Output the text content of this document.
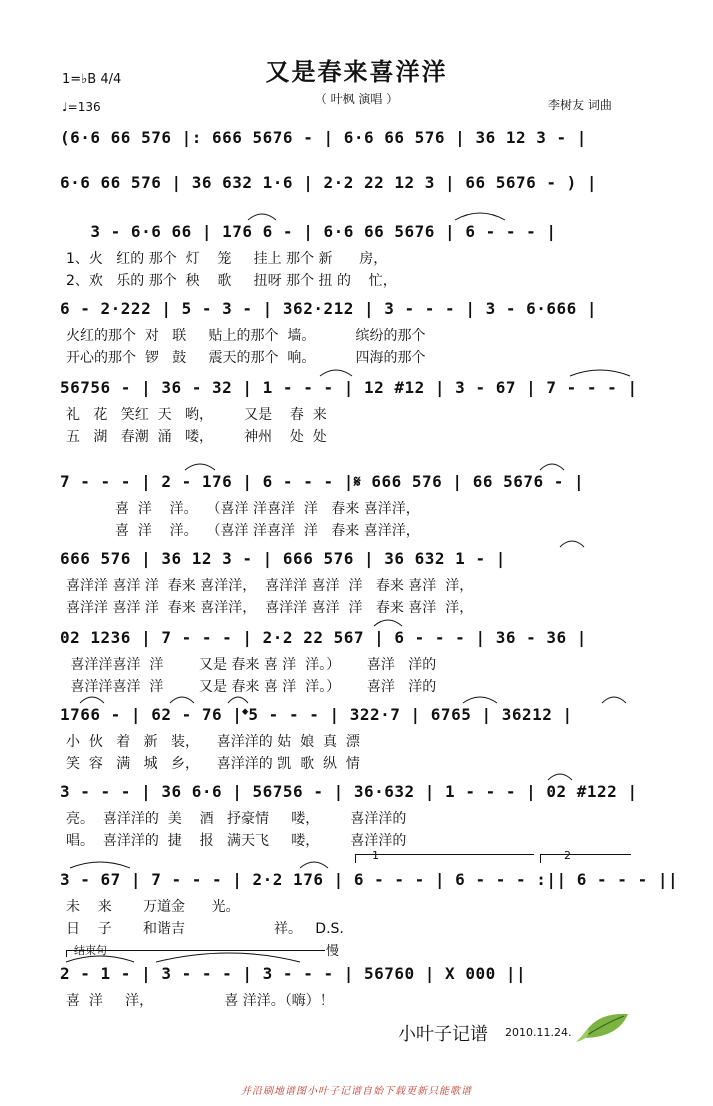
又是春来喜洋洋
（ 叶枫 演唱 ）
1=♭B 4/4
♩=136	李树友 词曲
(6·6 66 576 |: 666 5676 - | 6·6 66 576 | 36 12 3 - |
6·6 66 576 | 36 632 1·6 | 2·2 22 12 3 | 66 5676 - ) |
3 - 6·6 66 | 176 6 - | 6·6 66 5676 | 6 - - - |
1、火   红的 那个  灯    笼     挂上 那个 新      房，
2、欢   乐的 那个  秧    歌     扭呀 那个 扭 的    忙，
6 - 2·222 | 5 - 3 - | 362·212 | 3 - - - | 3 - 6·666 |
火红的那个  对   联     贴上的那个  墙。         缤纷的那个
开心的那个  锣   鼓     震天的那个  响。         四海的那个
56756 - | 36 - 32 | 1 - - - | 12 #12 | 3 - 67 | 7 - - - |
礼   花   笑红  天   哟，       又是    春  来
五   湖   春潮  涌   喽，       神州    处  处
7 - - - | 2 - 176 | 6 - - - |𝄋 666 576 | 66 5676 - |
喜  洋    洋。  （喜洋 洋喜洋  洋   春来 喜洋洋，
喜  洋    洋。  （喜洋 洋喜洋  洋   春来 喜洋洋，
666 576 | 36 12 3 - | 666 576 | 36 632 1 - |
喜洋洋 喜洋 洋  春来 喜洋洋，  喜洋洋 喜洋  洋   春来 喜洋  洋，
喜洋洋 喜洋 洋  春来 喜洋洋，  喜洋洋 喜洋  洋   春来 喜洋  洋，
02 1236 | 7 - - - | 2·2 22 567 | 6 - - - | 36 - 36 |
喜洋洋喜洋  洋        又是 春来 喜 洋  洋。）      喜洋   洋的
喜洋洋喜洋  洋        又是 春来 喜 洋  洋。）      喜洋   洋的
1766 - | 62 - 76 |𝄌5 - - - | 322·7 | 6765 | 36212 |
小  伙   着   新   装，    喜洋洋的 姑  娘  真  漂
笑  容   满   城   乡，    喜洋洋的 凯  歌  纵  情
3 - - - | 36 6·6 | 56756 - | 36·632 | 1 - - - | 02 #122 |
亮。  喜洋洋的  美    酒   抒豪情     喽，       喜洋洋的
唱。  喜洋洋的  捷    报   满天飞     喽，       喜洋洋的
1	2
3 - 67 | 7 - - - | 2·2 176 | 6 - - - | 6 - - - :|| 6 - - - ||
未    来       万道金      光。
日    子       和谐吉                    祥。   D.S.
结束句	慢
2 - 1 - | 3 - - - | 3 - - - | 56760 | X 000 ||
喜  洋     洋，                喜 洋洋。（嗨）！
小叶子记谱 2010.11.24.
并沿刷地谱图小叶子记谱自始下载更新只能歌谱
